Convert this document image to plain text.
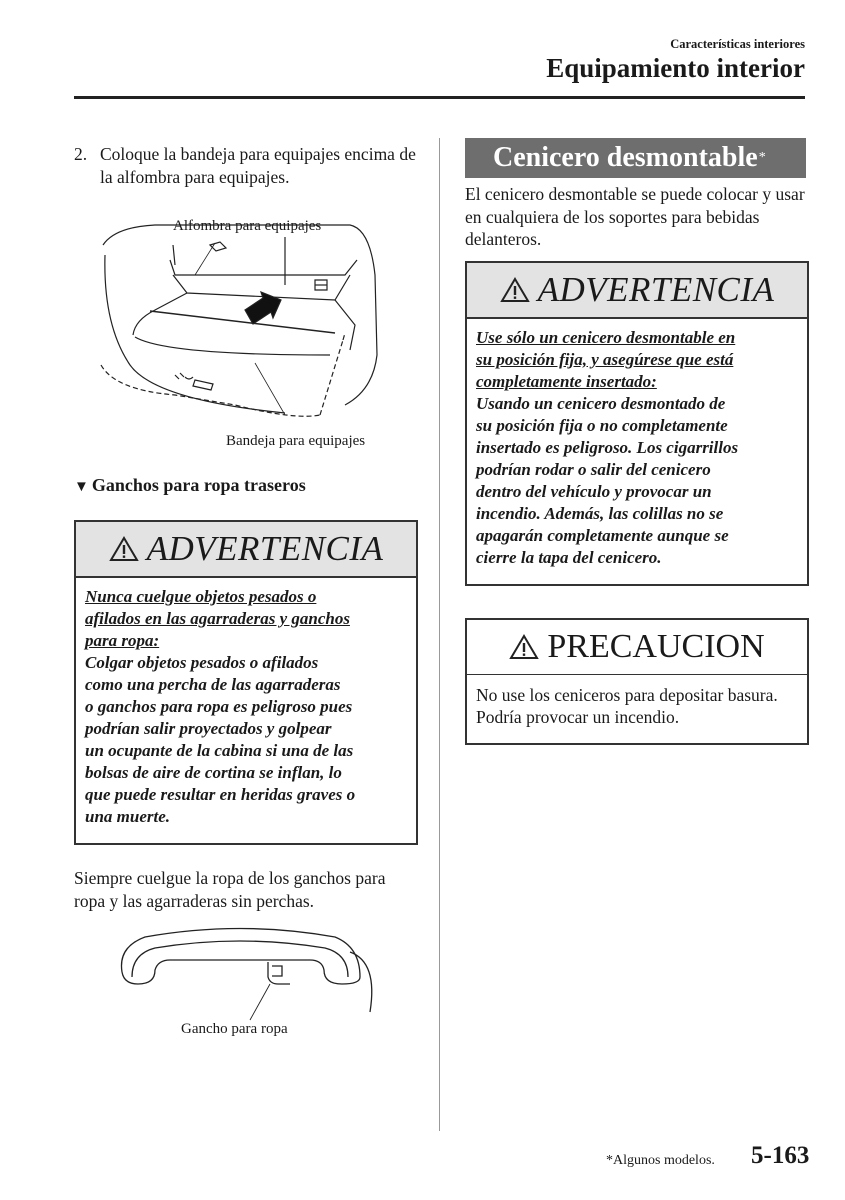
Características interiores
Equipamiento interior
2. Coloque la bandeja para equipajes encima de la alfombra para equipajes.
Alfombra para equipajes
Bandeja para equipajes
▼ Ganchos para ropa traseros
ADVERTENCIA
Nunca cuelgue objetos pesados o
afilados en las agarraderas y ganchos
para ropa:
Colgar objetos pesados o afilados
como una percha de las agarraderas
o ganchos para ropa es peligroso pues
podrían salir proyectados y golpear
un ocupante de la cabina si una de las
bolsas de aire de cortina se inflan, lo
que puede resultar en heridas graves o
una muerte.
Siempre cuelgue la ropa de los ganchos para ropa y las agarraderas sin perchas.
Gancho para ropa
Cenicero desmontable *
El cenicero desmontable se puede colocar y usar en cualquiera de los soportes para bebidas delanteros.
ADVERTENCIA
Use sólo un cenicero desmontable en
su posición fija, y asegúrese que está
completamente insertado:
Usando un cenicero desmontado de
su posición fija o no completamente
insertado es peligroso. Los cigarrillos
podrían rodar o salir del cenicero
dentro del vehículo y provocar un
incendio. Además, las colillas no se
apagarán completamente aunque se
cierre la tapa del cenicero.
PRECAUCION
No use los ceniceros para depositar basura. Podría provocar un incendio.
*Algunos modelos. 5-163
